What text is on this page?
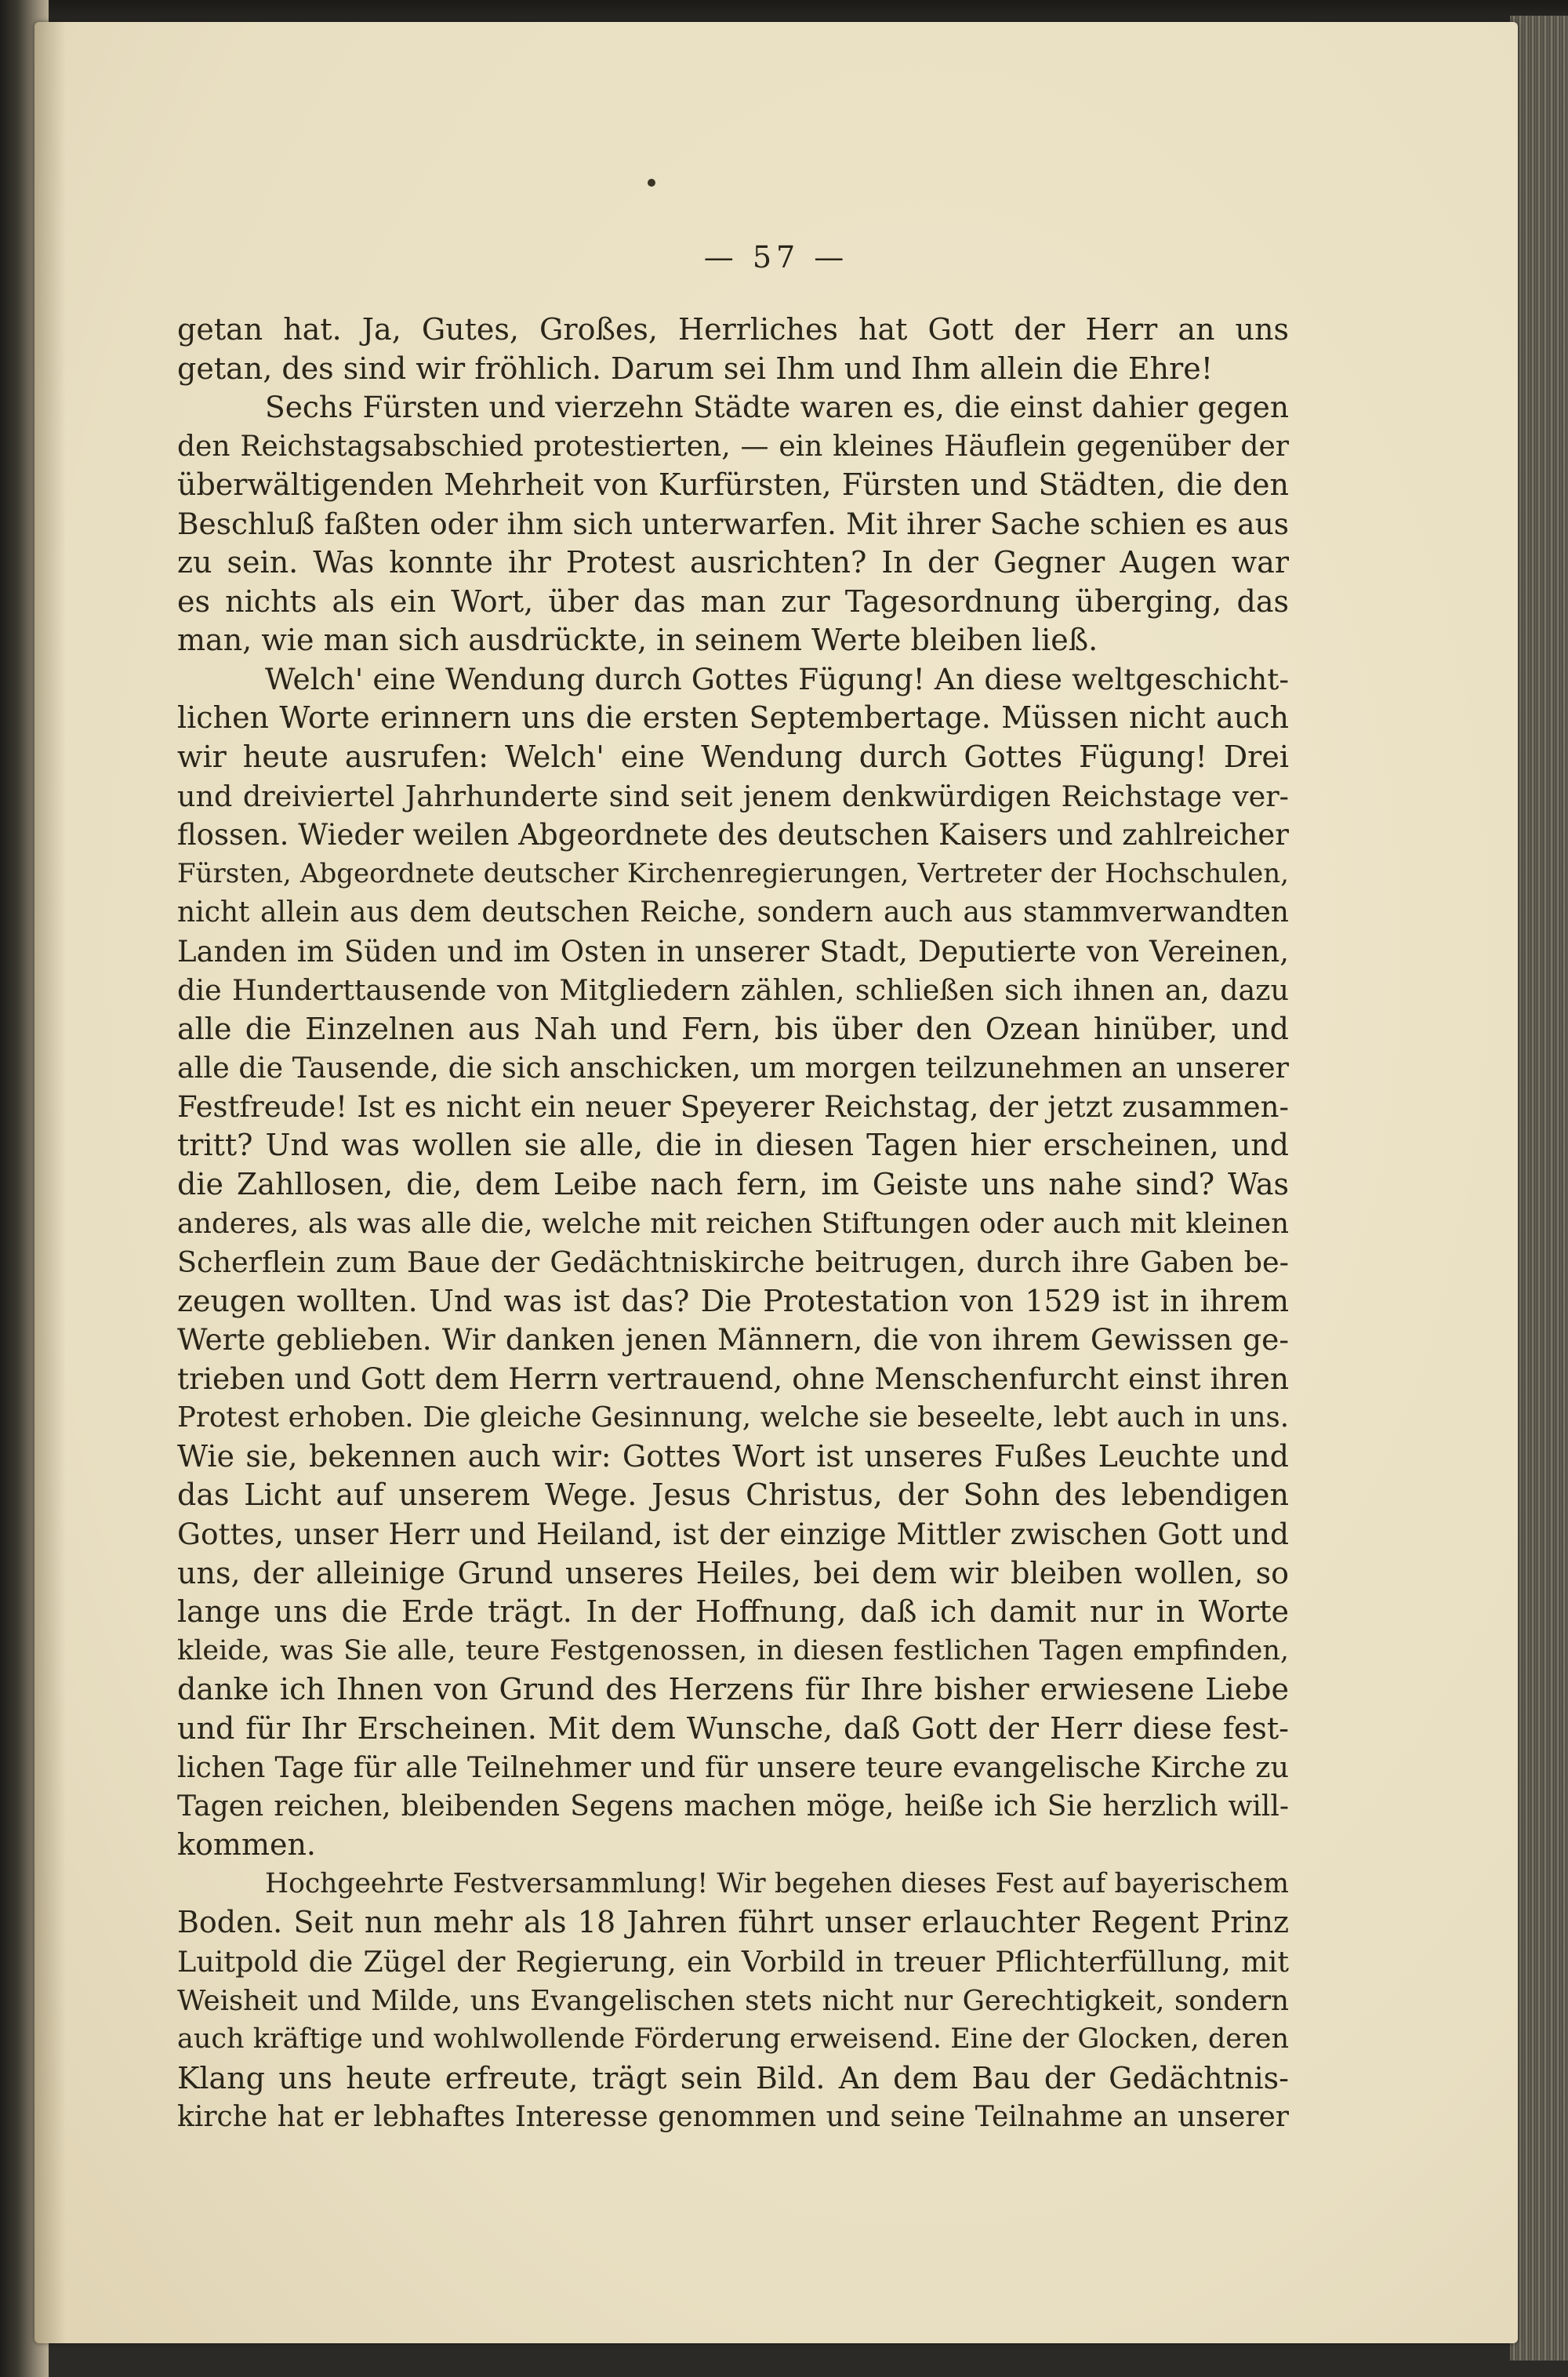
— 57 —
getan hat. Ja, Gutes, Großes, Herrliches hat Gott der Herr an uns
getan, des sind wir fröhlich. Darum sei Ihm und Ihm allein die Ehre!
Sechs Fürsten und vierzehn Städte waren es, die einst dahier gegen
den Reichstagsabschied protestierten, — ein kleines Häuflein gegenüber der
überwältigenden Mehrheit von Kurfürsten, Fürsten und Städten, die den
Beschluß faßten oder ihm sich unterwarfen. Mit ihrer Sache schien es aus
zu sein. Was konnte ihr Protest ausrichten? In der Gegner Augen war
es nichts als ein Wort, über das man zur Tagesordnung überging, das
man, wie man sich ausdrückte, in seinem Werte bleiben ließ.
Welch' eine Wendung durch Gottes Fügung! An diese weltgeschicht-
lichen Worte erinnern uns die ersten Septembertage. Müssen nicht auch
wir heute ausrufen: Welch' eine Wendung durch Gottes Fügung! Drei
und dreiviertel Jahrhunderte sind seit jenem denkwürdigen Reichstage ver-
flossen. Wieder weilen Abgeordnete des deutschen Kaisers und zahlreicher
Fürsten, Abgeordnete deutscher Kirchenregierungen, Vertreter der Hochschulen,
nicht allein aus dem deutschen Reiche, sondern auch aus stammverwandten
Landen im Süden und im Osten in unserer Stadt, Deputierte von Vereinen,
die Hunderttausende von Mitgliedern zählen, schließen sich ihnen an, dazu
alle die Einzelnen aus Nah und Fern, bis über den Ozean hinüber, und
alle die Tausende, die sich anschicken, um morgen teilzunehmen an unserer
Festfreude! Ist es nicht ein neuer Speyerer Reichstag, der jetzt zusammen-
tritt? Und was wollen sie alle, die in diesen Tagen hier erscheinen, und
die Zahllosen, die, dem Leibe nach fern, im Geiste uns nahe sind? Was
anderes, als was alle die, welche mit reichen Stiftungen oder auch mit kleinen
Scherflein zum Baue der Gedächtniskirche beitrugen, durch ihre Gaben be-
zeugen wollten. Und was ist das? Die Protestation von 1529 ist in ihrem
Werte geblieben. Wir danken jenen Männern, die von ihrem Gewissen ge-
trieben und Gott dem Herrn vertrauend, ohne Menschenfurcht einst ihren
Protest erhoben. Die gleiche Gesinnung, welche sie beseelte, lebt auch in uns.
Wie sie, bekennen auch wir: Gottes Wort ist unseres Fußes Leuchte und
das Licht auf unserem Wege. Jesus Christus, der Sohn des lebendigen
Gottes, unser Herr und Heiland, ist der einzige Mittler zwischen Gott und
uns, der alleinige Grund unseres Heiles, bei dem wir bleiben wollen, so
lange uns die Erde trägt. In der Hoffnung, daß ich damit nur in Worte
kleide, was Sie alle, teure Festgenossen, in diesen festlichen Tagen empfinden,
danke ich Ihnen von Grund des Herzens für Ihre bisher erwiesene Liebe
und für Ihr Erscheinen. Mit dem Wunsche, daß Gott der Herr diese fest-
lichen Tage für alle Teilnehmer und für unsere teure evangelische Kirche zu
Tagen reichen, bleibenden Segens machen möge, heiße ich Sie herzlich will-
kommen.
Hochgeehrte Festversammlung! Wir begehen dieses Fest auf bayerischem
Boden. Seit nun mehr als 18 Jahren führt unser erlauchter Regent Prinz
Luitpold die Zügel der Regierung, ein Vorbild in treuer Pflichterfüllung, mit
Weisheit und Milde, uns Evangelischen stets nicht nur Gerechtigkeit, sondern
auch kräftige und wohlwollende Förderung erweisend. Eine der Glocken, deren
Klang uns heute erfreute, trägt sein Bild. An dem Bau der Gedächtnis-
kirche hat er lebhaftes Interesse genommen und seine Teilnahme an unserer
